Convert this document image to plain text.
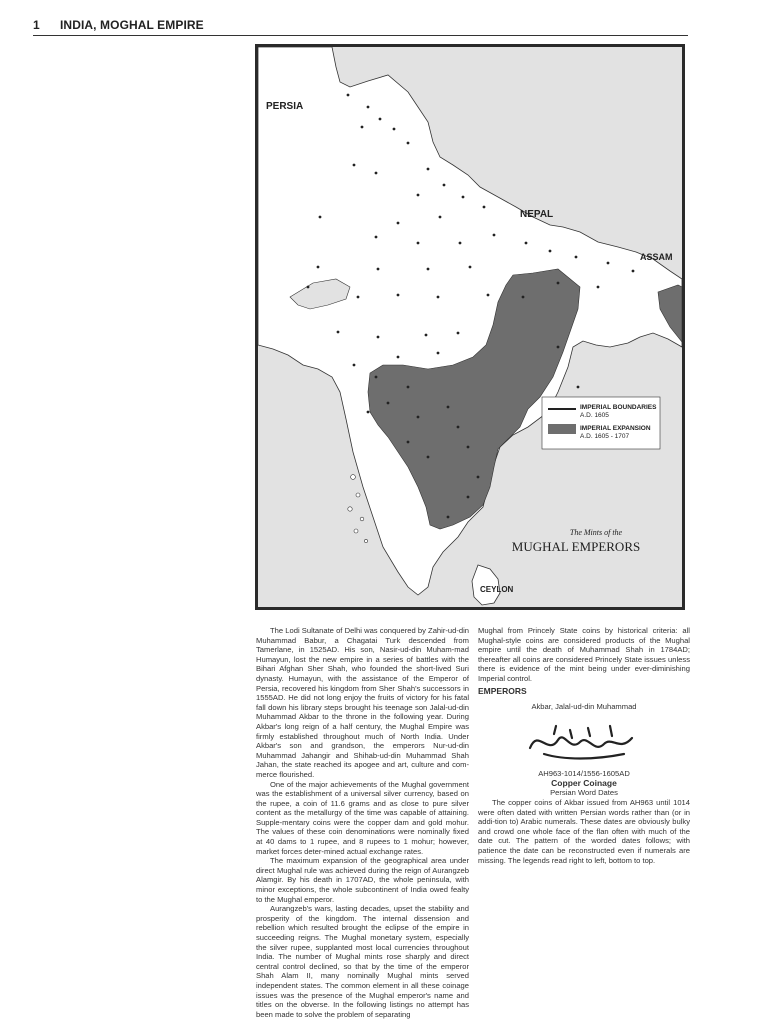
1 INDIA, MOGHAL EMPIRE
IMPERIAL BOUNDARIES
A.D. 1605
IMPERIAL EXPANSION
A.D. 1605 - 1707
PERSIA
NEPAL
ASSAM
CEYLON
The Mints of the
MUGHAL EMPERORS

The Lodi Sultanate of Delhi was conquered by Zahir-ud-din Muhammad Babur, a Chagatai Turk descended from Tamerlane, in 1525AD. His son, Nasir-ud-din Muham-mad Humayun, lost the new empire in a series of battles with the Bihari Afghan Sher Shah, who founded the short-lived Suri dynasty. Humayun, with the assistance of the Emperor of Persia, recovered his kingdom from Sher Shah's successors in 1555AD. He did not long enjoy the fruits of victory for his fatal fall down his library steps brought his teenage son Jalal-ud-din Muhammad Akbar to the throne in the following year. During Akbar's long reign of a half century, the Mughal Empire was firmly established throughout much of North India. Under Akbar's son and grandson, the emperors Nur-ud-din Muhammad Jahangir and Shihab-ud-din Muhammad Shah Jahan, the state reached its apogee and art, culture and com-merce flourished.

One of the major achievements of the Mughal government was the establishment of a universal silver currency, based on the rupee, a coin of 11.6 grams and as close to pure silver content as the metallurgy of the time was capable of attaining. Supple-mentary coins were the copper dam and gold mohur. The values of these coin denominations were nominally fixed at 40 dams to 1 rupee, and 8 rupees to 1 mohur; however, market forces deter-mined actual exchange rates.

The maximum expansion of the geographical area under direct Mughal rule was achieved during the reign of Aurangzeb Alamgir. By his death in 1707AD, the whole peninsula, with minor exceptions, the whole subcontinent of India owed fealty to the Mughal emperor.

Aurangzeb's wars, lasting decades, upset the stability and prosperity of the kingdom. The internal dissension and rebellion which resulted brought the eclipse of the empire in succeeding reigns. The Mughal monetary system, especially the silver rupee, supplanted most local currencies throughout India. The number of Mughal mints rose sharply and direct central control declined, so that by the time of the emperor Shah Alam II, many nominally Mughal mints served independent states. The common element in all these coinage issues was the presence of the Mughal emperor's name and titles on the obverse. In the following listings no attempt has been made to solve the problem of separating

Mughal from Princely State coins by historical criteria: all Mughal-style coins are considered products of the Mughal empire until the death of Muhammad Shah in 1784AD; thereafter all coins are considered Princely State issues unless there is evidence of the mint being under ever-diminishing Imperial control.

EMPERORS
Akbar, Jalal-ud-din Muhammad
AH963-1014/1556-1605AD
Copper Coinage
Persian Word Dates

The copper coins of Akbar issued from AH963 until 1014 were often dated with written Persian words rather than (or in addi-tion to) Arabic numerals. These dates are obviously bulky and crowd one whole face of the flan often with much of the date cut. The pattern of the worded dates follows; with patience the date can be reconstructed even if numerals are missing. The legends read right to left, bottom to top.
